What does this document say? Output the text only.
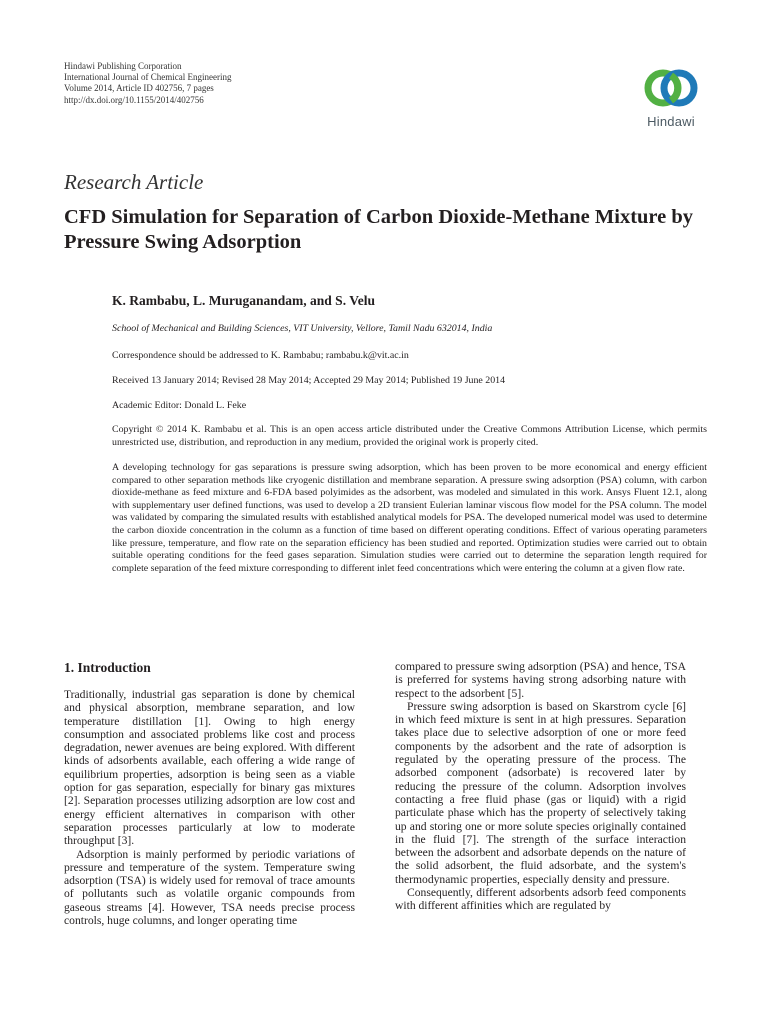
Hindawi Publishing Corporation
International Journal of Chemical Engineering
Volume 2014, Article ID 402756, 7 pages
http://dx.doi.org/10.1155/2014/402756
Hindawi
Research Article
CFD Simulation for Separation of Carbon Dioxide-Methane Mixture by Pressure Swing Adsorption
K. Rambabu, L. Muruganandam, and S. Velu
School of Mechanical and Building Sciences, VIT University, Vellore, Tamil Nadu 632014, India
Correspondence should be addressed to K. Rambabu; rambabu.k@vit.ac.in
Received 13 January 2014; Revised 28 May 2014; Accepted 29 May 2014; Published 19 June 2014
Academic Editor: Donald L. Feke
Copyright © 2014 K. Rambabu et al. This is an open access article distributed under the Creative Commons Attribution License, which permits unrestricted use, distribution, and reproduction in any medium, provided the original work is properly cited.
A developing technology for gas separations is pressure swing adsorption, which has been proven to be more economical and energy efficient compared to other separation methods like cryogenic distillation and membrane separation. A pressure swing adsorption (PSA) column, with carbon dioxide-methane as feed mixture and 6-FDA based polyimides as the adsorbent, was modeled and simulated in this work. Ansys Fluent 12.1, along with supplementary user defined functions, was used to develop a 2D transient Eulerian laminar viscous flow model for the PSA column. The model was validated by comparing the simulated results with established analytical models for PSA. The developed numerical model was used to determine the carbon dioxide concentration in the column as a function of time based on different operating conditions. Effect of various operating parameters like pressure, temperature, and flow rate on the separation efficiency has been studied and reported. Optimization studies were carried out to obtain suitable operating conditions for the feed gases separation. Simulation studies were carried out to determine the separation length required for complete separation of the feed mixture corresponding to different inlet feed concentrations which were entering the column at a given flow rate.
1. Introduction

Traditionally, industrial gas separation is done by chemical and physical absorption, membrane separation, and low temperature distillation [1]. Owing to high energy consumption and associated problems like cost and process degradation, newer avenues are being explored. With different kinds of adsorbents available, each offering a wide range of equilibrium properties, adsorption is being seen as a viable option for gas separation, especially for binary gas mixtures [2]. Separation processes utilizing adsorption are low cost and energy efficient alternatives in comparison with other separation processes particularly at low to moderate throughput [3].

Adsorption is mainly performed by periodic variations of pressure and temperature of the system. Temperature swing adsorption (TSA) is widely used for removal of trace amounts of pollutants such as volatile organic compounds from gaseous streams [4]. However, TSA needs precise process controls, huge columns, and longer operating time

compared to pressure swing adsorption (PSA) and hence, TSA is preferred for systems having strong adsorbing nature with respect to the adsorbent [5].

Pressure swing adsorption is based on Skarstrom cycle [6] in which feed mixture is sent in at high pressures. Separation takes place due to selective adsorption of one or more feed components by the adsorbent and the rate of adsorption is regulated by the operating pressure of the process. The adsorbed component (adsorbate) is recovered later by reducing the pressure of the column. Adsorption involves contacting a free fluid phase (gas or liquid) with a rigid particulate phase which has the property of selectively taking up and storing one or more solute species originally contained in the fluid [7]. The strength of the surface interaction between the adsorbent and adsorbate depends on the nature of the solid adsorbent, the fluid adsorbate, and the system's thermodynamic properties, especially density and pressure.

Consequently, different adsorbents adsorb feed components with different affinities which are regulated by
